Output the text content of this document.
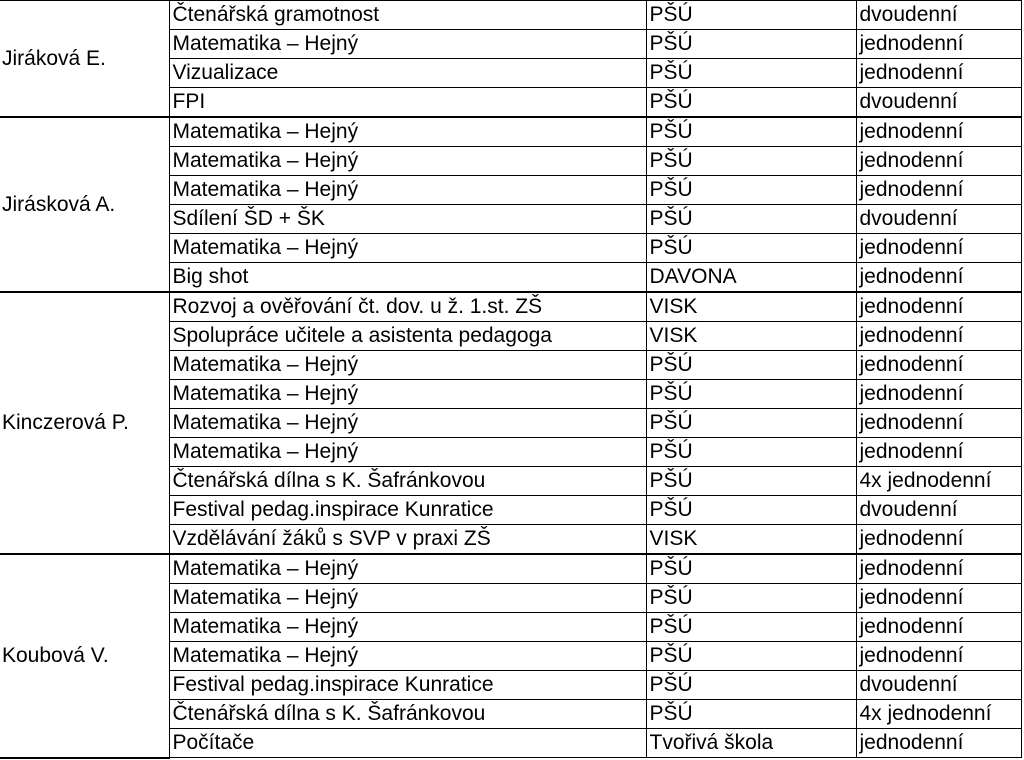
Jiráková E.	Čtenářská gramotnost	PŠÚ	dvoudenní
	Matematika – Hejný	PŠÚ	jednodenní
	Vizualizace	PŠÚ	jednodenní
	FPI	PŠÚ	dvoudenní
Jirásková A.	Matematika – Hejný	PŠÚ	jednodenní
	Matematika – Hejný	PŠÚ	jednodenní
	Matematika – Hejný	PŠÚ	jednodenní
	Sdílení ŠD + ŠK	PŠÚ	dvoudenní
	Matematika – Hejný	PŠÚ	jednodenní
	Big shot	DAVONA	jednodenní
Kinczerová P.	Rozvoj a ověřování čt. dov. u ž. 1.st. ZŠ	VISK	jednodenní
	Spolupráce učitele a asistenta pedagoga	VISK	jednodenní
	Matematika – Hejný	PŠÚ	jednodenní
	Matematika – Hejný	PŠÚ	jednodenní
	Matematika – Hejný	PŠÚ	jednodenní
	Matematika – Hejný	PŠÚ	jednodenní
	Čtenářská dílna s K. Šafránkovou	PŠÚ	4x jednodenní
	Festival pedag.inspirace Kunratice	PŠÚ	dvoudenní
	Vzdělávání žáků s SVP v praxi ZŠ	VISK	jednodenní
Koubová V.	Matematika – Hejný	PŠÚ	jednodenní
	Matematika – Hejný	PŠÚ	jednodenní
	Matematika – Hejný	PŠÚ	jednodenní
	Matematika – Hejný	PŠÚ	jednodenní
	Festival pedag.inspirace Kunratice	PŠÚ	dvoudenní
	Čtenářská dílna s K. Šafránkovou	PŠÚ	4x jednodenní
	Počítače	Tvořivá škola	jednodenní
